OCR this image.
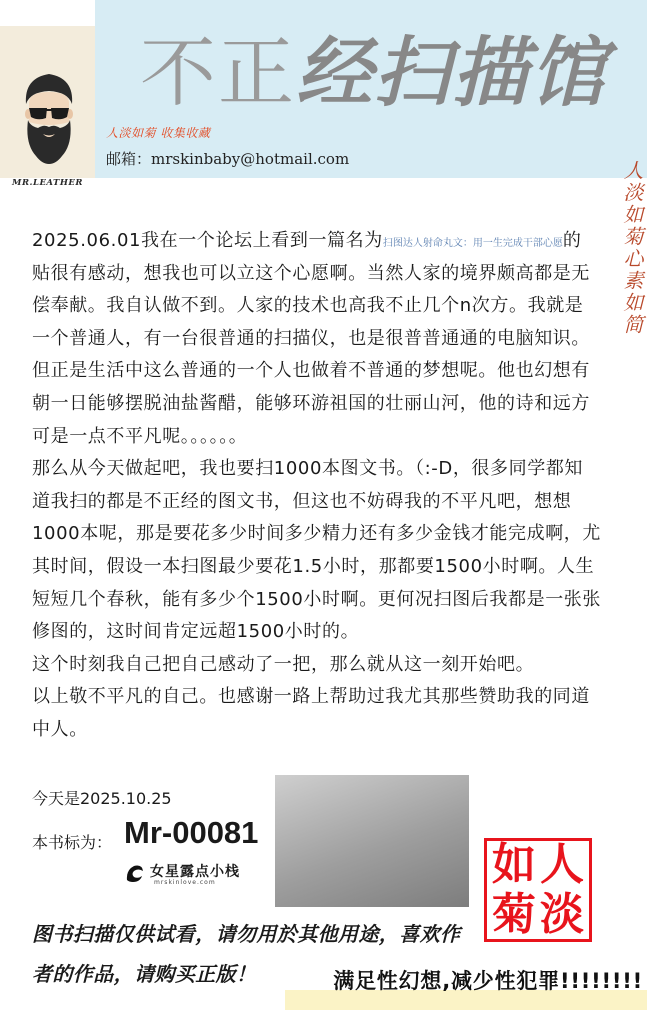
MR.LEATHER
不正经扫描馆
人淡如菊 收集收藏
邮箱：mrskinbaby@hotmail.com
人淡如菊心素如简
2025.06.01我在一个论坛上看到一篇名为扫图达人射命丸文：用一生完成干部心愿的
贴很有感动，想我也可以立这个心愿啊。当然人家的境界颇高都是无
偿奉献。我自认做不到。人家的技术也高我不止几个n次方。我就是
一个普通人，有一台很普通的扫描仪，也是很普普通通的电脑知识。
但正是生活中这么普通的一个人也做着不普通的梦想呢。他也幻想有
朝一日能够摆脱油盐酱醋，能够环游祖国的壮丽山河，他的诗和远方
可是一点不平凡呢。。。。。。
那么从今天做起吧，我也要扫1000本图文书。（:-D，很多同学都知
道我扫的都是不正经的图文书，但这也不妨碍我的不平凡吧，想想
1000本呢，那是要花多少时间多少精力还有多少金钱才能完成啊，尤
其时间，假设一本扫图最少要花1.5小时，那都要1500小时啊。人生
短短几个春秋，能有多少个1500小时啊。更何况扫图后我都是一张张
修图的，这时间肯定远超1500小时的。
这个时刻我自己把自己感动了一把，那么就从这一刻开始吧。
以上敬不平凡的自己。也感谢一路上帮助过我尤其那些赞助我的同道
中人。
今天是2025.10.25
本书标为： Mr-00081
女星露点小栈
mrskinlove.com	人
淡
如
菊
图书扫描仅供试看，请勿用於其他用途，喜欢作
者的作品，请购买正版！	满足性幻想,减少性犯罪!!!!!!!!
